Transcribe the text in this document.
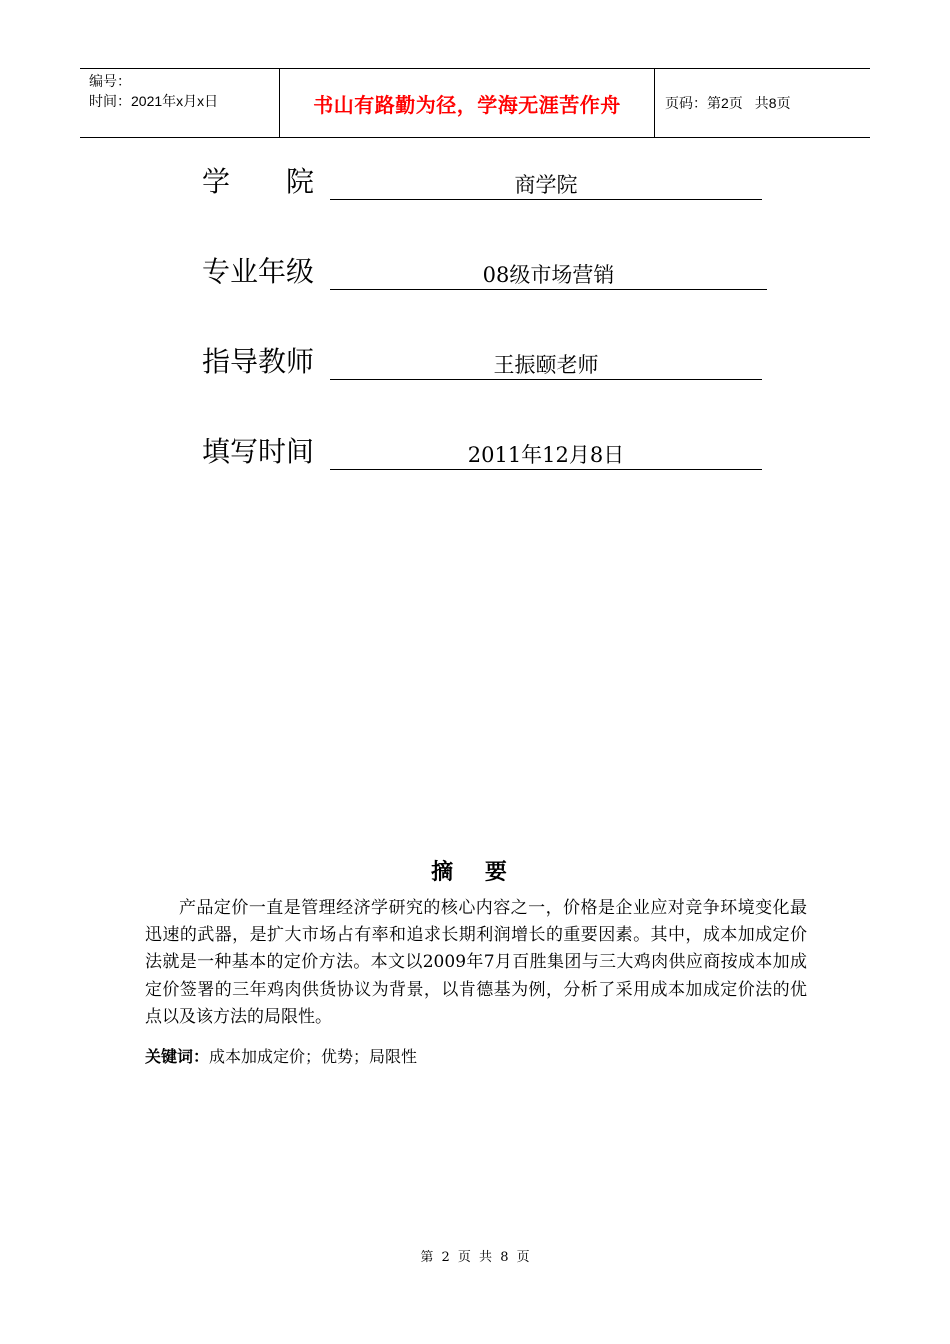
编号：
时间：2021年x月x日	书山有路勤为径，学海无涯苦作舟	页码：第2页 共8页
学 院	商学院
专业年级	08级市场营销
指导教师	王振颐老师
填写时间	2011年12月8日
摘 要
产品定价一直是管理经济学研究的核心内容之一，价格是企业应对竞争环境变化最迅速的武器，是扩大市场占有率和追求长期利润增长的重要因素。其中，成本加成定价法就是一种基本的定价方法。本文以2009年7月百胜集团与三大鸡肉供应商按成本加成定价签署的三年鸡肉供货协议为背景，以肯德基为例，分析了采用成本加成定价法的优点以及该方法的局限性。
关键词：成本加成定价；优势；局限性
第 2 页 共 8 页
